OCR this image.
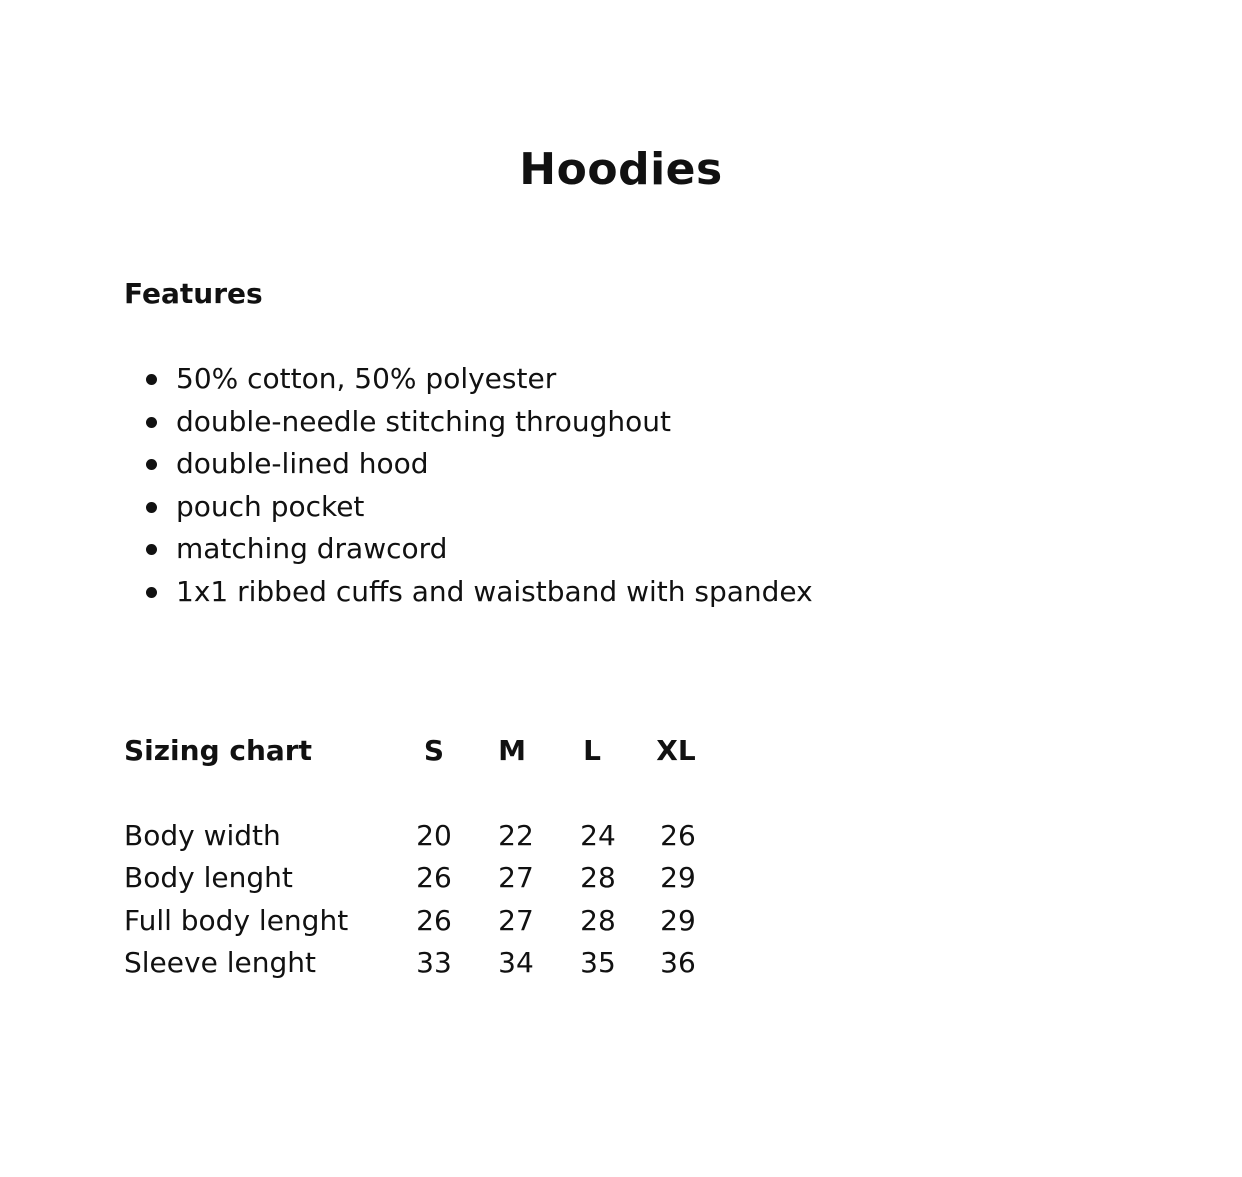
Hoodies
Features
50% cotton, 50% polyester
double-needle stitching throughout
double-lined hood
pouch pocket
matching drawcord
1x1 ribbed cuffs and waistband with spandex
Sizing chart	S	M	L	XL
Body width	20	22	24	26
Body lenght	26	27	28	29
Full body lenght	26	27	28	29
Sleeve lenght	33	34	35	36
